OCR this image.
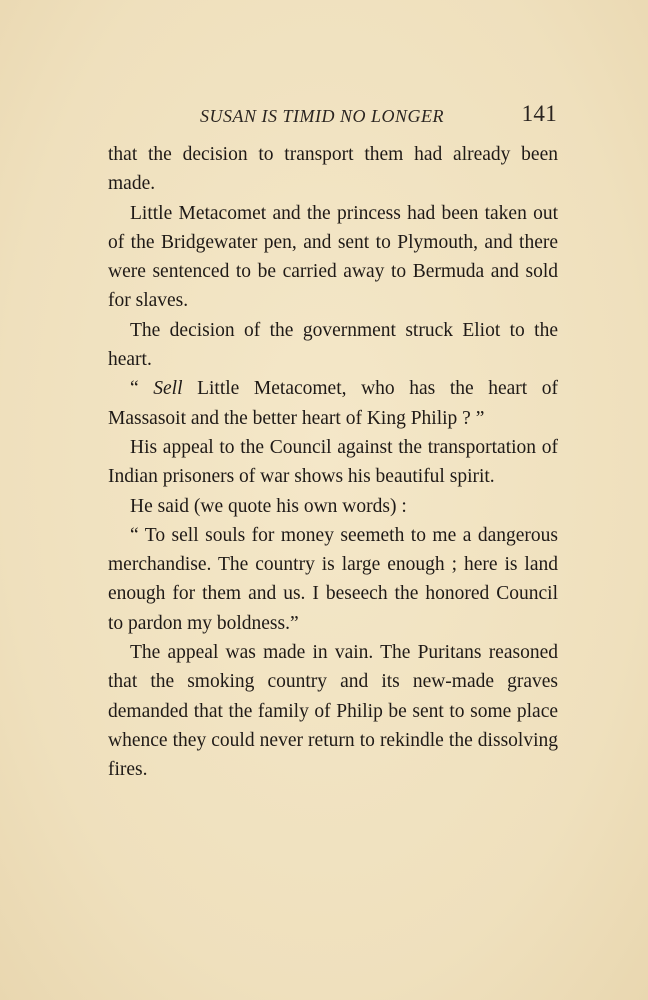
SUSAN IS TIMID NO LONGER	141

that the decision to transport them had already been made.

Little Metacomet and the princess had been taken out of the Bridgewater pen, and sent to Plymouth, and there were sentenced to be carried away to Bermuda and sold for slaves.

The decision of the government struck Eliot to the heart.

“ Sell Little Metacomet, who has the heart of Massasoit and the better heart of King Philip ? ”

His appeal to the Council against the transportation of Indian prisoners of war shows his beautiful spirit.

He said (we quote his own words) :

“ To sell souls for money seemeth to me a dangerous merchandise. The country is large enough ; here is land enough for them and us. I beseech the honored Council to pardon my boldness.”

The appeal was made in vain. The Puritans reasoned that the smoking country and its new-made graves demanded that the family of Philip be sent to some place whence they could never return to rekindle the dissolving fires.
